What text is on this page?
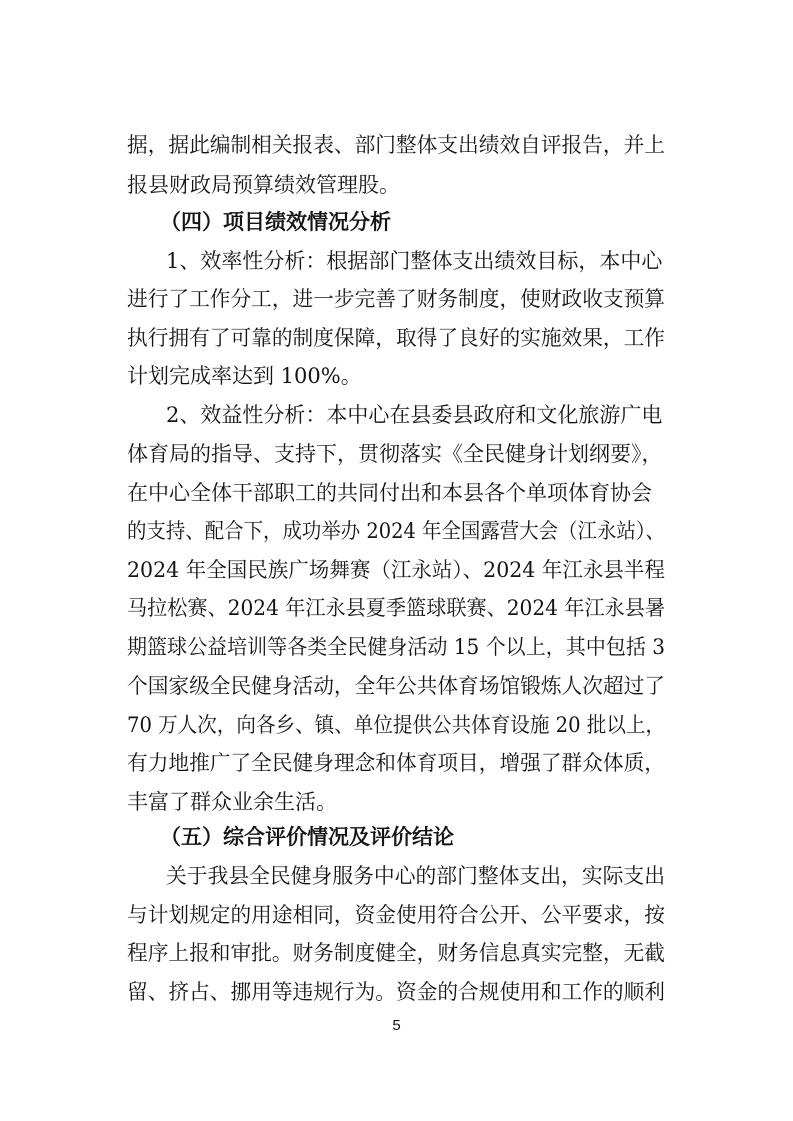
据，据此编制相关报表、部门整体支出绩效自评报告，并上
报县财政局预算绩效管理股。
（四）项目绩效情况分析
1、效率性分析：根据部门整体支出绩效目标，本中心
进行了工作分工，进一步完善了财务制度，使财政收支预算
执行拥有了可靠的制度保障，取得了良好的实施效果，工作
计划完成率达到 100%。
2、效益性分析：本中心在县委县政府和文化旅游广电
体育局的指导、支持下，贯彻落实《全民健身计划纲要》，
在中心全体干部职工的共同付出和本县各个单项体育协会
的支持、配合下，成功举办 2024 年全国露营大会（江永站）、
2024 年全国民族广场舞赛（江永站）、2024 年江永县半程
马拉松赛、2024 年江永县夏季篮球联赛、2024 年江永县暑
期篮球公益培训等各类全民健身活动 15 个以上，其中包括 3
个国家级全民健身活动，全年公共体育场馆锻炼人次超过了
70 万人次，向各乡、镇、单位提供公共体育设施 20 批以上，
有力地推广了全民健身理念和体育项目，增强了群众体质，
丰富了群众业余生活。
（五）综合评价情况及评价结论
关于我县全民健身服务中心的部门整体支出，实际支出
与计划规定的用途相同，资金使用符合公开、公平要求，按
程序上报和审批。财务制度健全，财务信息真实完整，无截
留、挤占、挪用等违规行为。资金的合规使用和工作的顺利
5
